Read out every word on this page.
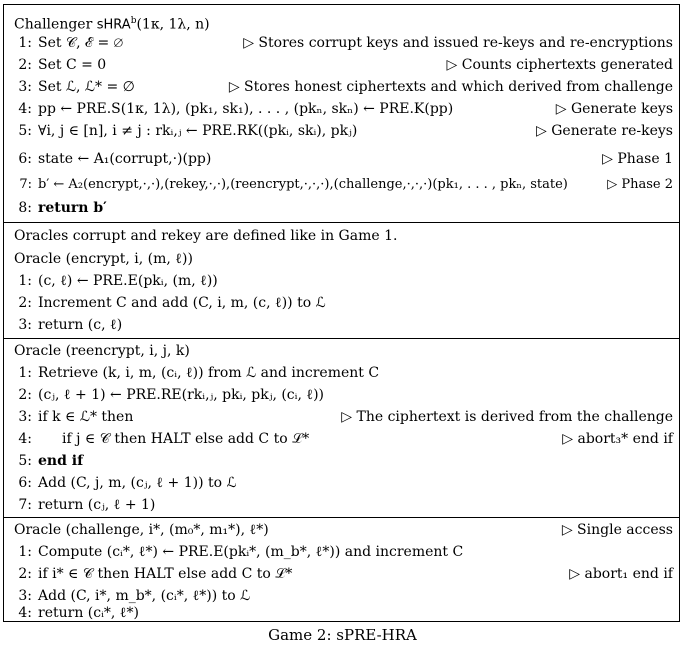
Challenger sHRA$^b$(1κ, 1λ, n)
1: Set 𝒞, ℰ = ∅	▷ Stores corrupt keys and issued re-keys and re-encryptions
2: Set C = 0	▷ Counts ciphertexts generated
3: Set ℒ, ℒ* = ∅	▷ Stores honest ciphertexts and which derived from challenge
4: pp ← PRE.S(1κ, 1λ), (pk₁, sk₁), . . . , (pkₙ, skₙ) ← PRE.K(pp)	▷ Generate keys
5: ∀i, j ∈ [n], i ≠ j : rkᵢ,ⱼ ← PRE.RK((pkᵢ, skᵢ), pkⱼ)	▷ Generate re-keys
6: state ← A₁(corrupt,·)(pp)	▷ Phase 1
7: b′ ← A₂(encrypt,·,·),(rekey,·,·),(reencrypt,·,·,·),(challenge,·,·,·)(pk₁, . . . , pkₙ, state)	▷ Phase 2
8: return b′
Oracles corrupt and rekey are defined like in Game 1.
Oracle (encrypt, i, (m, ℓ))
1: (c, ℓ) ← PRE.E(pkᵢ, (m, ℓ))
2: Increment C and add (C, i, m, (c, ℓ)) to ℒ
3: return (c, ℓ)
Oracle (reencrypt, i, j, k)
1: Retrieve (k, i, m, (cᵢ, ℓ)) from ℒ and increment C
2: (cⱼ, ℓ + 1) ← PRE.RE(rkᵢ,ⱼ, pkᵢ, pkⱼ, (cᵢ, ℓ))
3: if k ∈ ℒ* then	▷ The ciphertext is derived from the challenge
4: if j ∈ 𝒞 then HALT else add C to ℒ*	▷ abort₃* end if
5: end if
6: Add (C, j, m, (cⱼ, ℓ + 1)) to ℒ
7: return (cⱼ, ℓ + 1)
Oracle (challenge, i*, (m₀*, m₁*), ℓ*)	▷ Single access
1: Compute (cᵢ*, ℓ*) ← PRE.E(pkᵢ*, (m_b*, ℓ*)) and increment C
2: if i* ∈ 𝒞 then HALT else add C to ℒ*	▷ abort₁ end if
3: Add (C, i*, m_b*, (cᵢ*, ℓ*)) to ℒ
4: return (cᵢ*, ℓ*)
Game 2: sPRE-HRA
